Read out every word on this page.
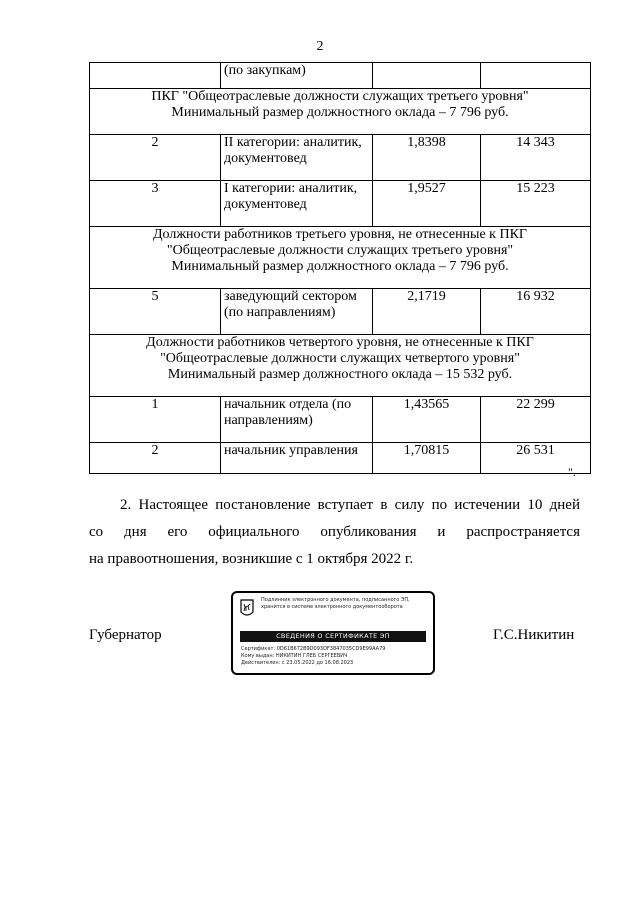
2
	(по закупкам)		

ПКГ "Общеотраслевые должности служащих третьего уровня"
Минимальный размер должностного оклада – 7 796 руб.			

2	II категории: аналитик, документовед	1,8398	14 343
3	I категории: аналитик, документовед	1,9527	15 223

Должности работников третьего уровня, не отнесенные к ПКГ
"Общеотраслевые должности служащих третьего уровня"
Минимальный размер должностного оклада – 7 796 руб.			

5	заведующий сектором (по направлениям)	2,1719	16 932

Должности работников четвертого уровня, не отнесенные к ПКГ
"Общеотраслевые должности служащих четвертого уровня"
Минимальный размер должностного оклада – 15 532 руб.			

1	начальник отдела (по направлениям)	1,43565	22 299
2	начальник управления	1,70815	26 531
".
2. Настоящее постановление вступает в силу по истечении 10 дней
со дня его официального опубликования и распространяется
на правоотношения, возникшие с 1 октября 2022 г.
Губернатор	Г.С.Никитин
Подлинник электронного документа, подписанного ЭП,
хранится в системе электронного документооборота
СВЕДЕНИЯ О СЕРТИФИКАТЕ ЭП
Сертификат: 0D61B672B9D093DF3847035CD9E99AA79
Кому выдан: НИКИТИН ГЛЕБ СЕРГЕЕВИЧ
Действителен: с 23.05.2022 до 16.08.2023
